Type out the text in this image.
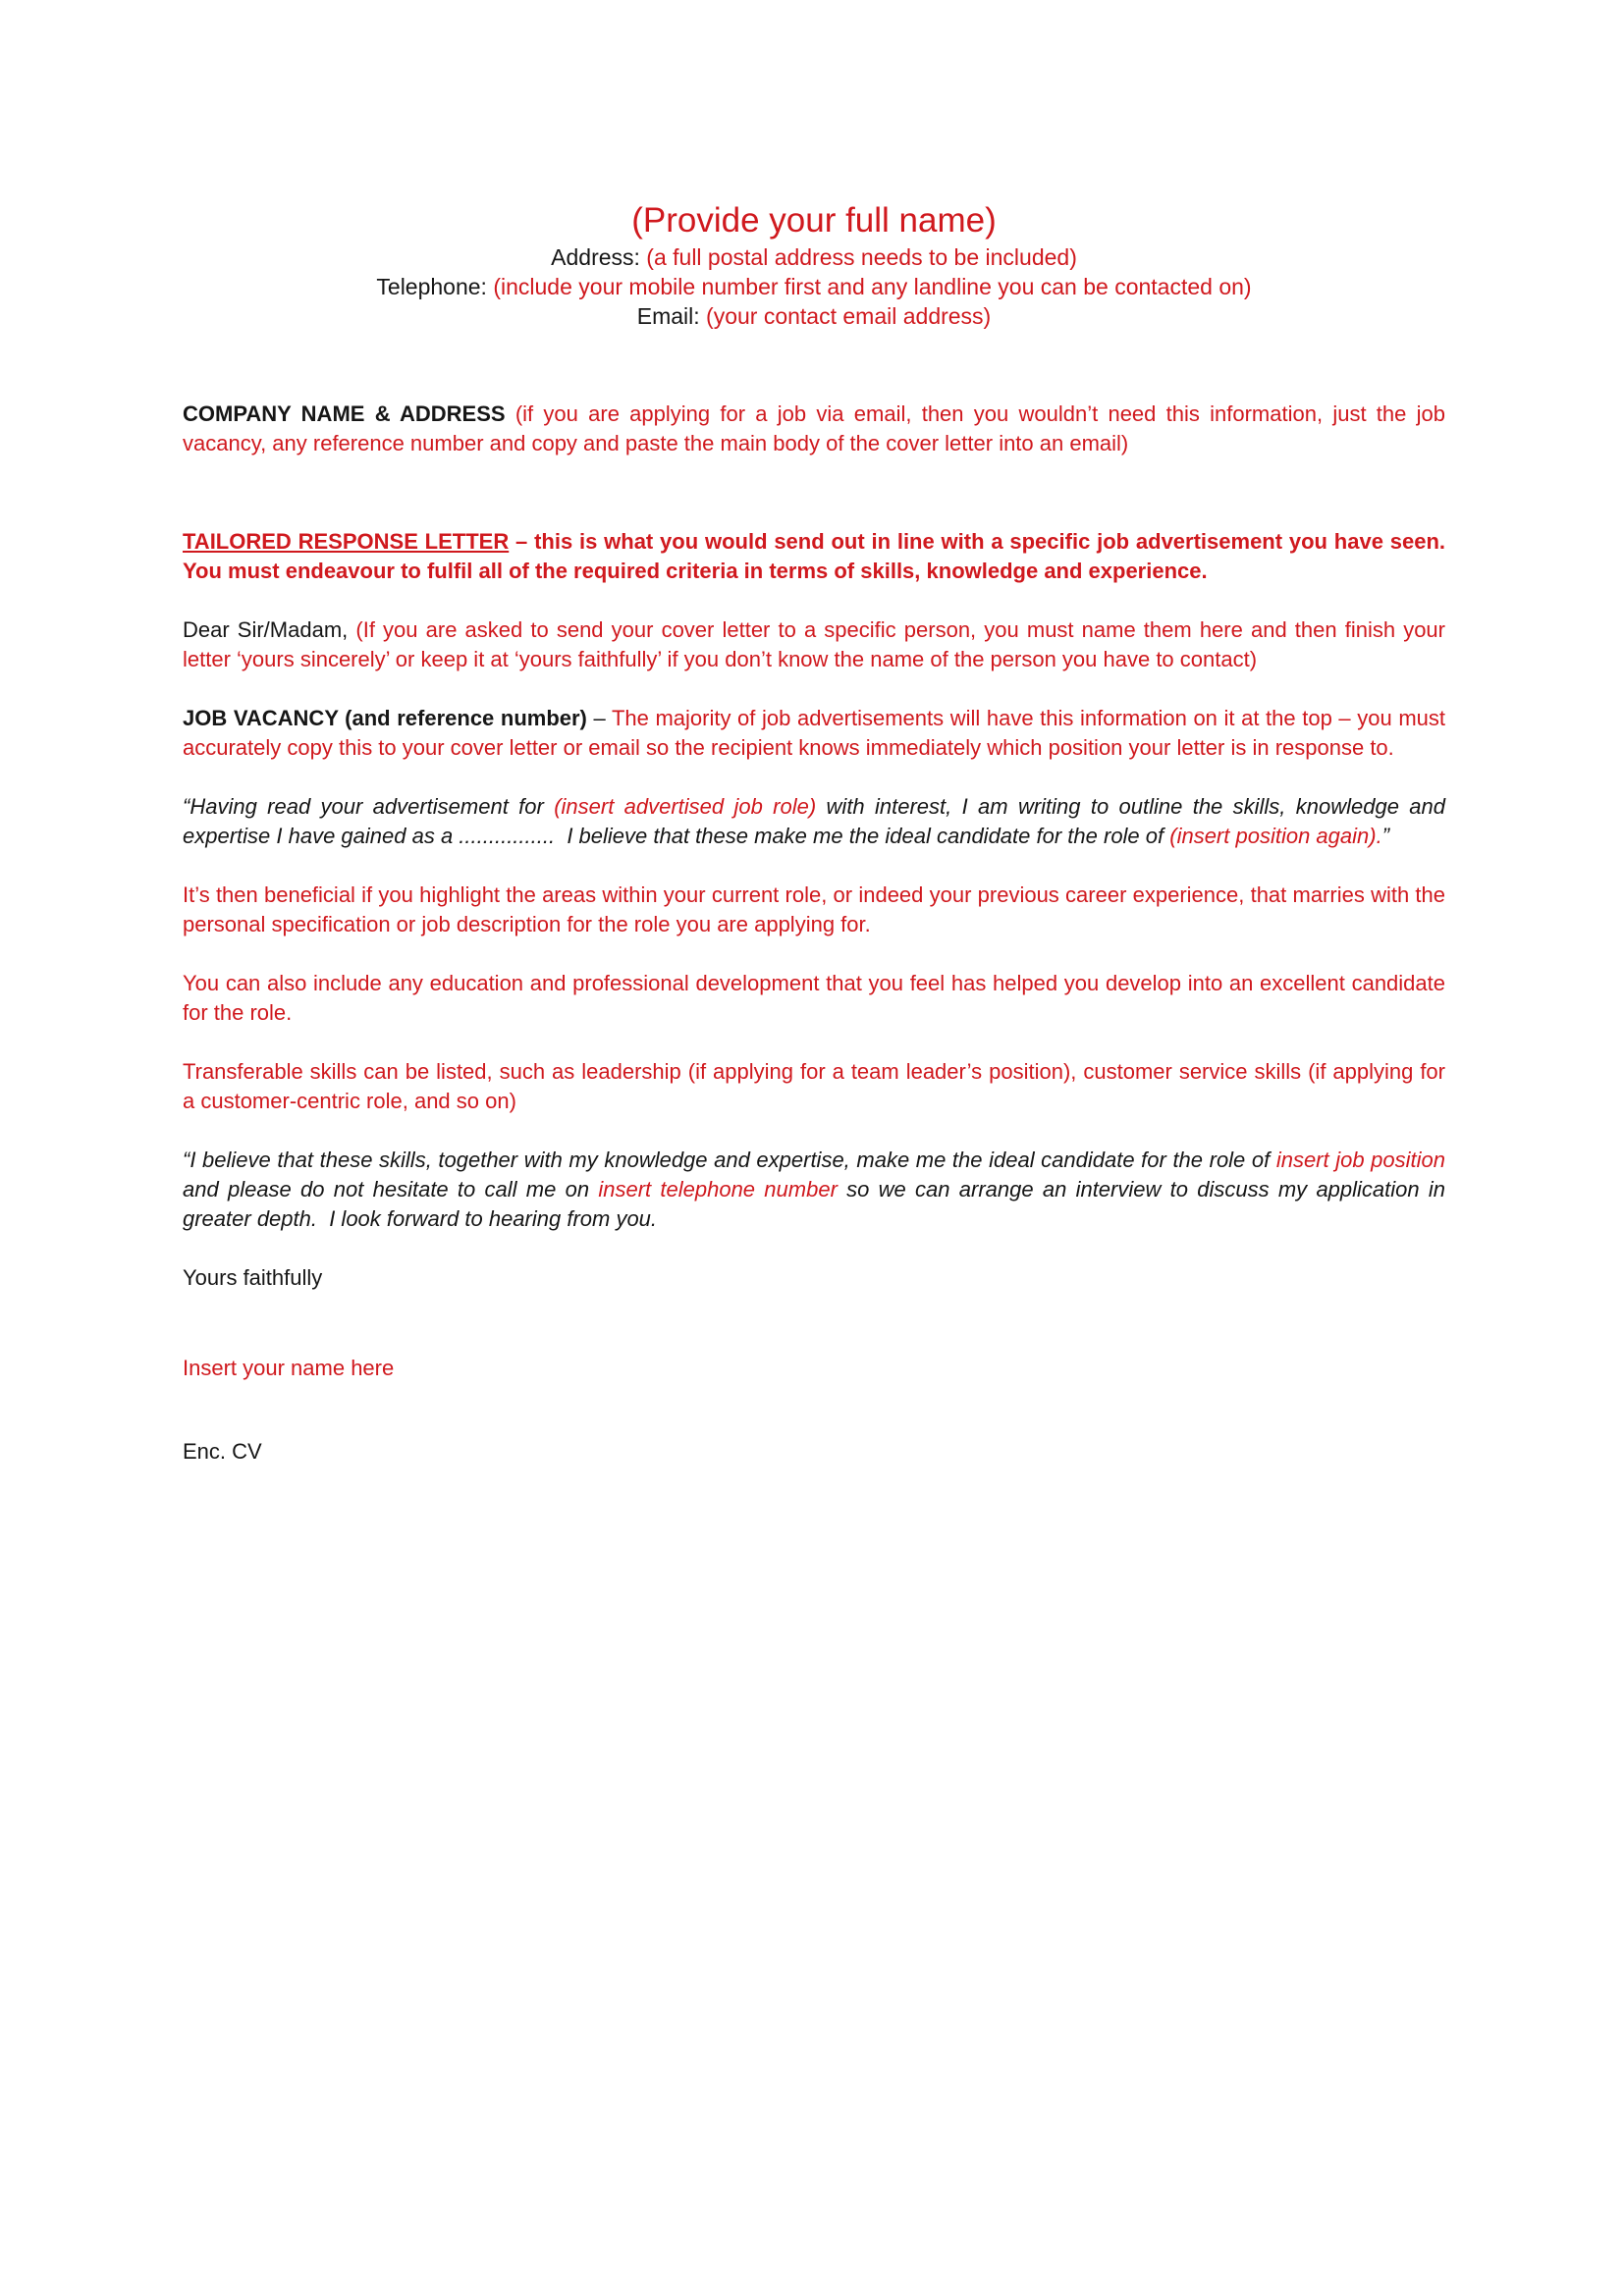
(Provide your full name)
Address: (a full postal address needs to be included)
Telephone: (include your mobile number first and any landline you can be contacted on)
Email: (your contact email address)

COMPANY NAME & ADDRESS (if you are applying for a job via email, then you wouldn’t need this information, just the job vacancy, any reference number and copy and paste the main body of the cover letter into an email)

TAILORED RESPONSE LETTER – this is what you would send out in line with a specific job advertisement you have seen.  You must endeavour to fulfil all of the required criteria in terms of skills, knowledge and experience.

Dear Sir/Madam, (If you are asked to send your cover letter to a specific person, you must name them here and then finish your letter ‘yours sincerely’ or keep it at ‘yours faithfully’ if you don’t know the name of the person you have to contact)

JOB VACANCY (and reference number) – The majority of job advertisements will have this information on it at the top – you must accurately copy this to your cover letter or email so the recipient knows immediately which position your letter is in response to.

“Having read your advertisement for (insert advertised job role) with interest, I am writing to outline the skills, knowledge and expertise I have gained as a ................  I believe that these make me the ideal candidate for the role of (insert position again).”

It’s then beneficial if you highlight the areas within your current role, or indeed your previous career experience, that marries with the personal specification or job description for the role you are applying for.

You can also include any education and professional development that you feel has helped you develop into an excellent candidate for the role.

Transferable skills can be listed, such as leadership (if applying for a team leader’s position), customer service skills (if applying for a customer-centric role, and so on)

“I believe that these skills, together with my knowledge and expertise, make me the ideal candidate for the role of insert job position and please do not hesitate to call me on insert telephone number so we can arrange an interview to discuss my application in greater depth.  I look forward to hearing from you.

Yours faithfully

Insert your name here

Enc. CV
